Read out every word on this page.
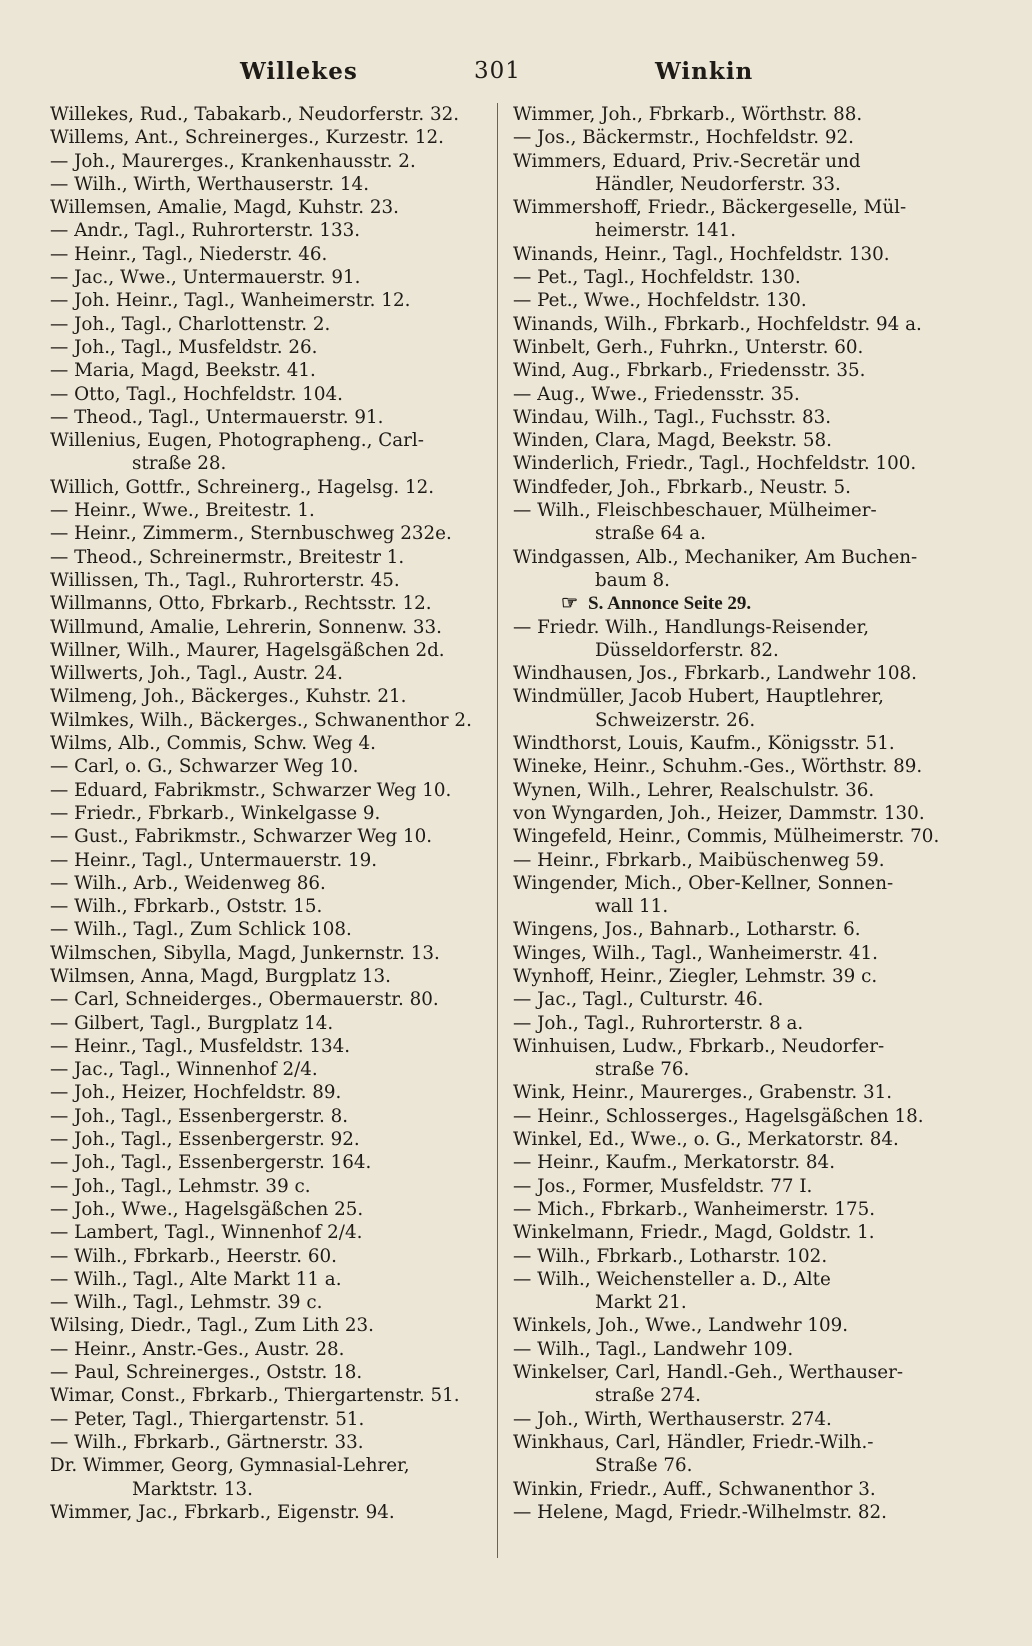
Willekes	301	Winkin
Willekes, Rud., Tabakarb., Neudorferstr. 32.
Willems, Ant., Schreinerges., Kurzestr. 12.
— Joh., Maurerges., Krankenhausstr. 2.
— Wilh., Wirth, Werthauserstr. 14.
Willemsen, Amalie, Magd, Kuhstr. 23.
— Andr., Tagl., Ruhrorterstr. 133.
— Heinr., Tagl., Niederstr. 46.
— Jac., Wwe., Untermauerstr. 91.
— Joh. Heinr., Tagl., Wanheimerstr. 12.
— Joh., Tagl., Charlottenstr. 2.
— Joh., Tagl., Musfeldstr. 26.
— Maria, Magd, Beekstr. 41.
— Otto, Tagl., Hochfeldstr. 104.
— Theod., Tagl., Untermauerstr. 91.
Willenius, Eugen, Photographeng., Carl-
straße 28.
Willich, Gottfr., Schreinerg., Hagelsg. 12.
— Heinr., Wwe., Breitestr. 1.
— Heinr., Zimmerm., Sternbuschweg 232e.
— Theod., Schreinermstr., Breitestr 1.
Willissen, Th., Tagl., Ruhrorterstr. 45.
Willmanns, Otto, Fbrkarb., Rechtsstr. 12.
Willmund, Amalie, Lehrerin, Sonnenw. 33.
Willner, Wilh., Maurer, Hagelsgäßchen 2d.
Willwerts, Joh., Tagl., Austr. 24.
Wilmeng, Joh., Bäckerges., Kuhstr. 21.
Wilmkes, Wilh., Bäckerges., Schwanenthor 2.
Wilms, Alb., Commis, Schw. Weg 4.
— Carl, o. G., Schwarzer Weg 10.
— Eduard, Fabrikmstr., Schwarzer Weg 10.
— Friedr., Fbrkarb., Winkelgasse 9.
— Gust., Fabrikmstr., Schwarzer Weg 10.
— Heinr., Tagl., Untermauerstr. 19.
— Wilh., Arb., Weidenweg 86.
— Wilh., Fbrkarb., Oststr. 15.
— Wilh., Tagl., Zum Schlick 108.
Wilmschen, Sibylla, Magd, Junkernstr. 13.
Wilmsen, Anna, Magd, Burgplatz 13.
— Carl, Schneiderges., Obermauerstr. 80.
— Gilbert, Tagl., Burgplatz 14.
— Heinr., Tagl., Musfeldstr. 134.
— Jac., Tagl., Winnenhof 2/4.
— Joh., Heizer, Hochfeldstr. 89.
— Joh., Tagl., Essenbergerstr. 8.
— Joh., Tagl., Essenbergerstr. 92.
— Joh., Tagl., Essenbergerstr. 164.
— Joh., Tagl., Lehmstr. 39 c.
— Joh., Wwe., Hagelsgäßchen 25.
— Lambert, Tagl., Winnenhof 2/4.
— Wilh., Fbrkarb., Heerstr. 60.
— Wilh., Tagl., Alte Markt 11 a.
— Wilh., Tagl., Lehmstr. 39 c.
Wilsing, Diedr., Tagl., Zum Lith 23.
— Heinr., Anstr.-Ges., Austr. 28.
— Paul, Schreinerges., Oststr. 18.
Wimar, Const., Fbrkarb., Thiergartenstr. 51.
— Peter, Tagl., Thiergartenstr. 51.
— Wilh., Fbrkarb., Gärtnerstr. 33.
Dr. Wimmer, Georg, Gymnasial-Lehrer,
Marktstr. 13.
Wimmer, Jac., Fbrkarb., Eigenstr. 94.
Wimmer, Joh., Fbrkarb., Wörthstr. 88.
— Jos., Bäckermstr., Hochfeldstr. 92.
Wimmers, Eduard, Priv.-Secretär und
Händler, Neudorferstr. 33.
Wimmershoff, Friedr., Bäckergeselle, Mül-
heimerstr. 141.
Winands, Heinr., Tagl., Hochfeldstr. 130.
— Pet., Tagl., Hochfeldstr. 130.
— Pet., Wwe., Hochfeldstr. 130.
Winands, Wilh., Fbrkarb., Hochfeldstr. 94 a.
Winbelt, Gerh., Fuhrkn., Unterstr. 60.
Wind, Aug., Fbrkarb., Friedensstr. 35.
— Aug., Wwe., Friedensstr. 35.
Windau, Wilh., Tagl., Fuchsstr. 83.
Winden, Clara, Magd, Beekstr. 58.
Winderlich, Friedr., Tagl., Hochfeldstr. 100.
Windfeder, Joh., Fbrkarb., Neustr. 5.
— Wilh., Fleischbeschauer, Mülheimer-
straße 64 a.
Windgassen, Alb., Mechaniker, Am Buchen-
baum 8.
☞ S. Annonce Seite 29.
— Friedr. Wilh., Handlungs-Reisender,
Düsseldorferstr. 82.
Windhausen, Jos., Fbrkarb., Landwehr 108.
Windmüller, Jacob Hubert, Hauptlehrer,
Schweizerstr. 26.
Windthorst, Louis, Kaufm., Königsstr. 51.
Wineke, Heinr., Schuhm.-Ges., Wörthstr. 89.
Wynen, Wilh., Lehrer, Realschulstr. 36.
von Wyngarden, Joh., Heizer, Dammstr. 130.
Wingefeld, Heinr., Commis, Mülheimerstr. 70.
— Heinr., Fbrkarb., Maibüschenweg 59.
Wingender, Mich., Ober-Kellner, Sonnen-
wall 11.
Wingens, Jos., Bahnarb., Lotharstr. 6.
Winges, Wilh., Tagl., Wanheimerstr. 41.
Wynhoff, Heinr., Ziegler, Lehmstr. 39 c.
— Jac., Tagl., Culturstr. 46.
— Joh., Tagl., Ruhrorterstr. 8 a.
Winhuisen, Ludw., Fbrkarb., Neudorfer-
straße 76.
Wink, Heinr., Maurerges., Grabenstr. 31.
— Heinr., Schlosserges., Hagelsgäßchen 18.
Winkel, Ed., Wwe., o. G., Merkatorstr. 84.
— Heinr., Kaufm., Merkatorstr. 84.
— Jos., Former, Musfeldstr. 77 I.
— Mich., Fbrkarb., Wanheimerstr. 175.
Winkelmann, Friedr., Magd, Goldstr. 1.
— Wilh., Fbrkarb., Lotharstr. 102.
— Wilh., Weichensteller a. D., Alte
Markt 21.
Winkels, Joh., Wwe., Landwehr 109.
— Wilh., Tagl., Landwehr 109.
Winkelser, Carl, Handl.-Geh., Werthauser-
straße 274.
— Joh., Wirth, Werthauserstr. 274.
Winkhaus, Carl, Händler, Friedr.-Wilh.-
Straße 76.
Winkin, Friedr., Auff., Schwanenthor 3.
— Helene, Magd, Friedr.-Wilhelmstr. 82.
